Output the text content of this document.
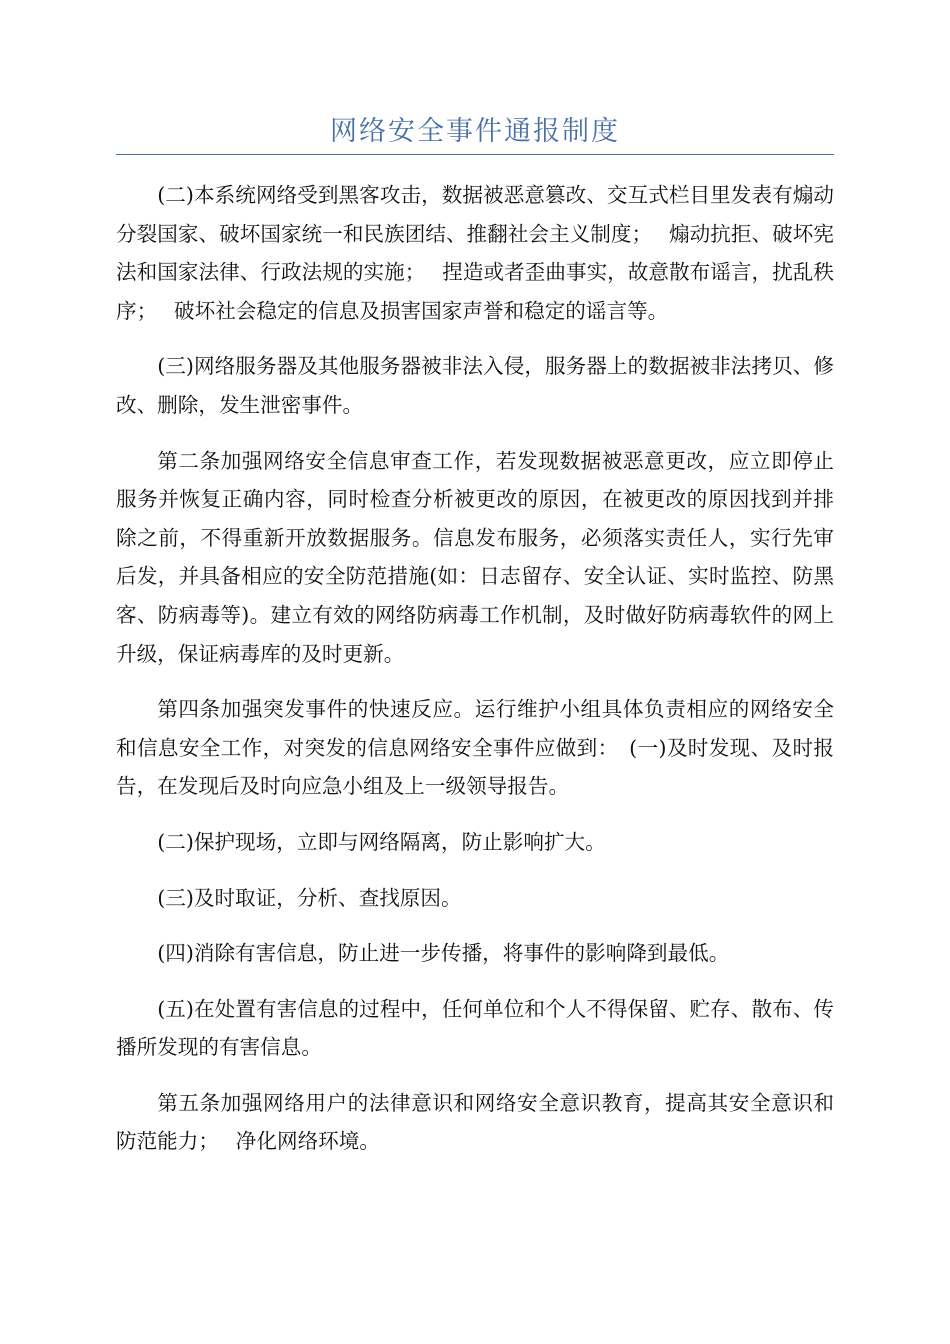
网络安全事件通报制度

(二)本系统网络受到黑客攻击，数据被恶意篡改、交互式栏目里发表有煽动分裂国家、破坏国家统一和民族团结、推翻社会主义制度；　 煽动抗拒、破坏宪法和国家法律、行政法规的实施；　 捏造或者歪曲事实，故意散布谣言，扰乱秩序；　 破坏社会稳定的信息及损害国家声誉和稳定的谣言等。

(三)网络服务器及其他服务器被非法入侵，服务器上的数据被非法拷贝、修改、删除，发生泄密事件。

第二条加强网络安全信息审查工作，若发现数据被恶意更改，应立即停止服务并恢复正确内容，同时检查分析被更改的原因，在被更改的原因找到并排除之前，不得重新开放数据服务。信息发布服务，必须落实责任人，实行先审后发，并具备相应的安全防范措施(如：日志留存、安全认证、实时监控、防黑客、防病毒等)。建立有效的网络防病毒工作机制，及时做好防病毒软件的网上升级，保证病毒库的及时更新。

第四条加强突发事件的快速反应。运行维护小组具体负责相应的网络安全和信息安全工作，对突发的信息网络安全事件应做到：　(一)及时发现、及时报告，在发现后及时向应急小组及上一级领导报告。

(二)保护现场，立即与网络隔离，防止影响扩大。

(三)及时取证，分析、查找原因。

(四)消除有害信息，防止进一步传播，将事件的影响降到最低。

(五)在处置有害信息的过程中，任何单位和个人不得保留、贮存、散布、传播所发现的有害信息。

第五条加强网络用户的法律意识和网络安全意识教育，提高其安全意识和防范能力；　 净化网络环境。
